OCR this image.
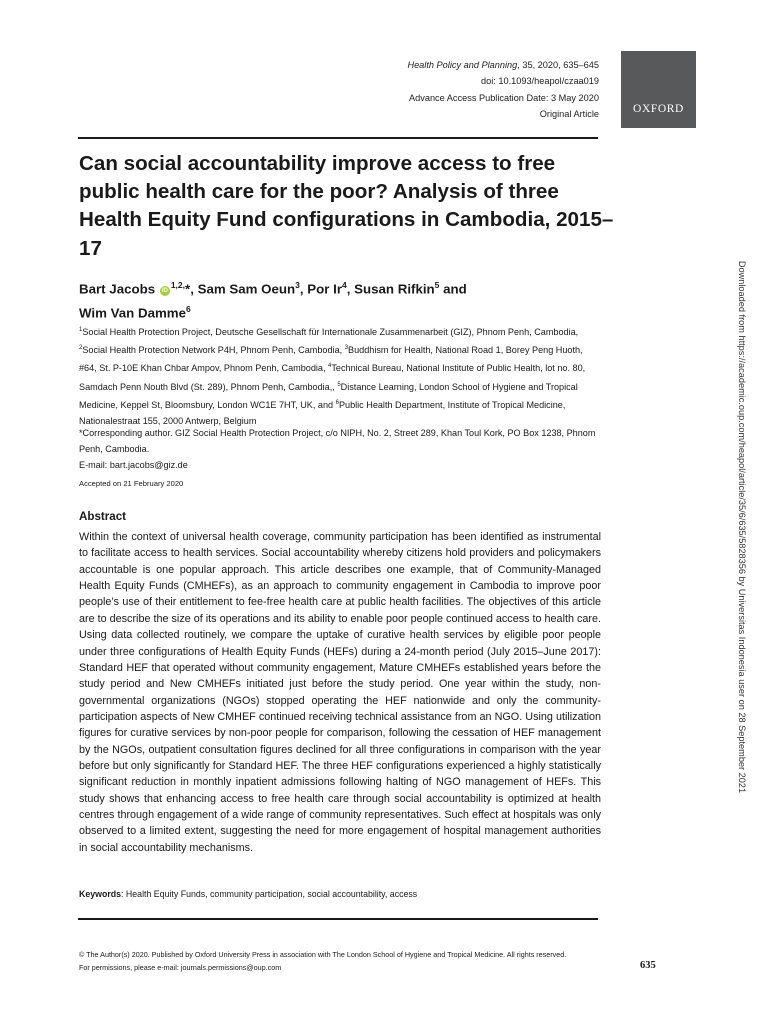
Health Policy and Planning, 35, 2020, 635–645
doi: 10.1093/heapol/czaa019
Advance Access Publication Date: 3 May 2020
Original Article	OXFORD
Can social accountability improve access to free public health care for the poor? Analysis of three Health Equity Fund configurations in Cambodia, 2015–17

Bart Jacobs $iD^{1,2,}*$, Sam Sam Oeun$^3$, Por Ir$^4$, Susan Rifkin$^5$ and
Wim Van Damme$^6$

$^1$Social Health Protection Project, Deutsche Gesellschaft für Internationale Zusammenarbeit (GIZ), Phnom Penh, Cambodia, $^2$Social Health Protection Network P4H, Phnom Penh, Cambodia, $^3$Buddhism for Health, National Road 1, Borey Peng Huoth, #64, St. P-10E Khan Chbar Ampov, Phnom Penh, Cambodia, $^4$Technical Bureau, National Institute of Public Health, lot no. 80, Samdach Penn Nouth Blvd (St. 289), Phnom Penh, Cambodia,, $^5$Distance Learning, London School of Hygiene and Tropical Medicine, Keppel St, Bloomsbury, London WC1E 7HT, UK, and $^6$Public Health Department, Institute of Tropical Medicine, Nationalestraat 155, 2000 Antwerp, Belgium

*Corresponding author. GIZ Social Health Protection Project, c/o NIPH, No. 2, Street 289, Khan Toul Kork, PO Box 1238, Phnom Penh, Cambodia.
E-mail: bart.jacobs@giz.de

Accepted on 21 February 2020

Abstract

Within the context of universal health coverage, community participation has been identified as instrumental to facilitate access to health services. Social accountability whereby citizens hold providers and policymakers accountable is one popular approach. This article describes one example, that of Community-Managed Health Equity Funds (CMHEFs), as an approach to community engagement in Cambodia to improve poor people’s use of their entitlement to fee-free health care at public health facilities. The objectives of this article are to describe the size of its operations and its ability to enable poor people continued access to health care. Using data collected routinely, we compare the uptake of curative health services by eligible poor people under three configurations of Health Equity Funds (HEFs) during a 24-month period (July 2015–June 2017): Standard HEF that operated without community engagement, Mature CMHEFs established years before the study period and New CMHEFs initiated just before the study period. One year within the study, non-governmental organizations (NGOs) stopped operating the HEF nationwide and only the community-participation aspects of New CMHEF continued receiving technical assistance from an NGO. Using utilization figures for curative services by non-poor people for comparison, following the cessation of HEF management by the NGOs, outpatient consultation figures declined for all three configurations in comparison with the year before but only significantly for Standard HEF. The three HEF configurations experienced a highly statistically significant reduction in monthly inpatient admissions following halting of NGO management of HEFs. This study shows that enhancing access to free health care through social accountability is optimized at health centres through engagement of a wide range of community representatives. Such effect at hospitals was only observed to a limited extent, suggesting the need for more engagement of hospital management authorities in social accountability mechanisms.

Keywords: Health Equity Funds, community participation, social accountability, access

© The Author(s) 2020. Published by Oxford University Press in association with The London School of Hygiene and Tropical Medicine. All rights reserved.
For permissions, please e-mail: journals.permissions@oup.com	635
Downloaded from https://academic.oup.com/heapol/article/35/6/635/5828356 by Universitas Indonesia user on 28 September 2021
